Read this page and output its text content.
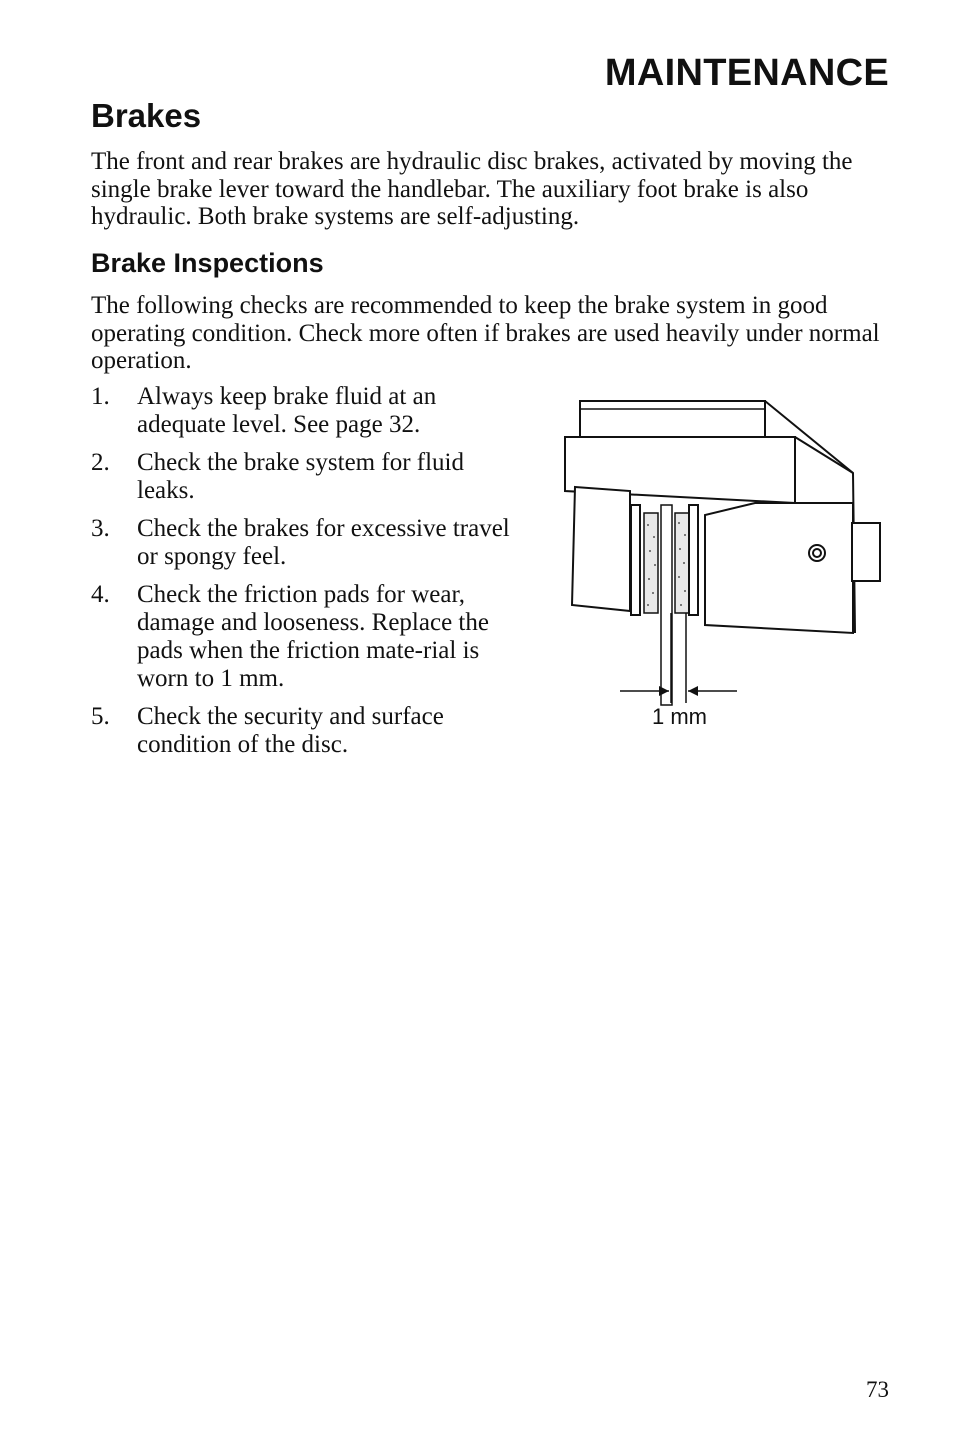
MAINTENANCE
Brakes

The front and rear brakes are hydraulic disc brakes, activated by moving the single brake lever toward the handlebar. The auxiliary foot brake is also hydraulic. Both brake systems are self-adjusting.

Brake Inspections

The following checks are recommended to keep the brake system in good operating condition. Check more often if brakes are used heavily under normal operation.

1. Always keep brake fluid at an adequate level. See page 32.
2. Check the brake system for fluid leaks.
3. Check the brakes for excessive travel or spongy feel.
4. Check the friction pads for wear, damage and looseness. Replace the pads when the friction mate-rial is worn to 1 mm.
5. Check the security and surface condition of the disc.
1 mm
73
